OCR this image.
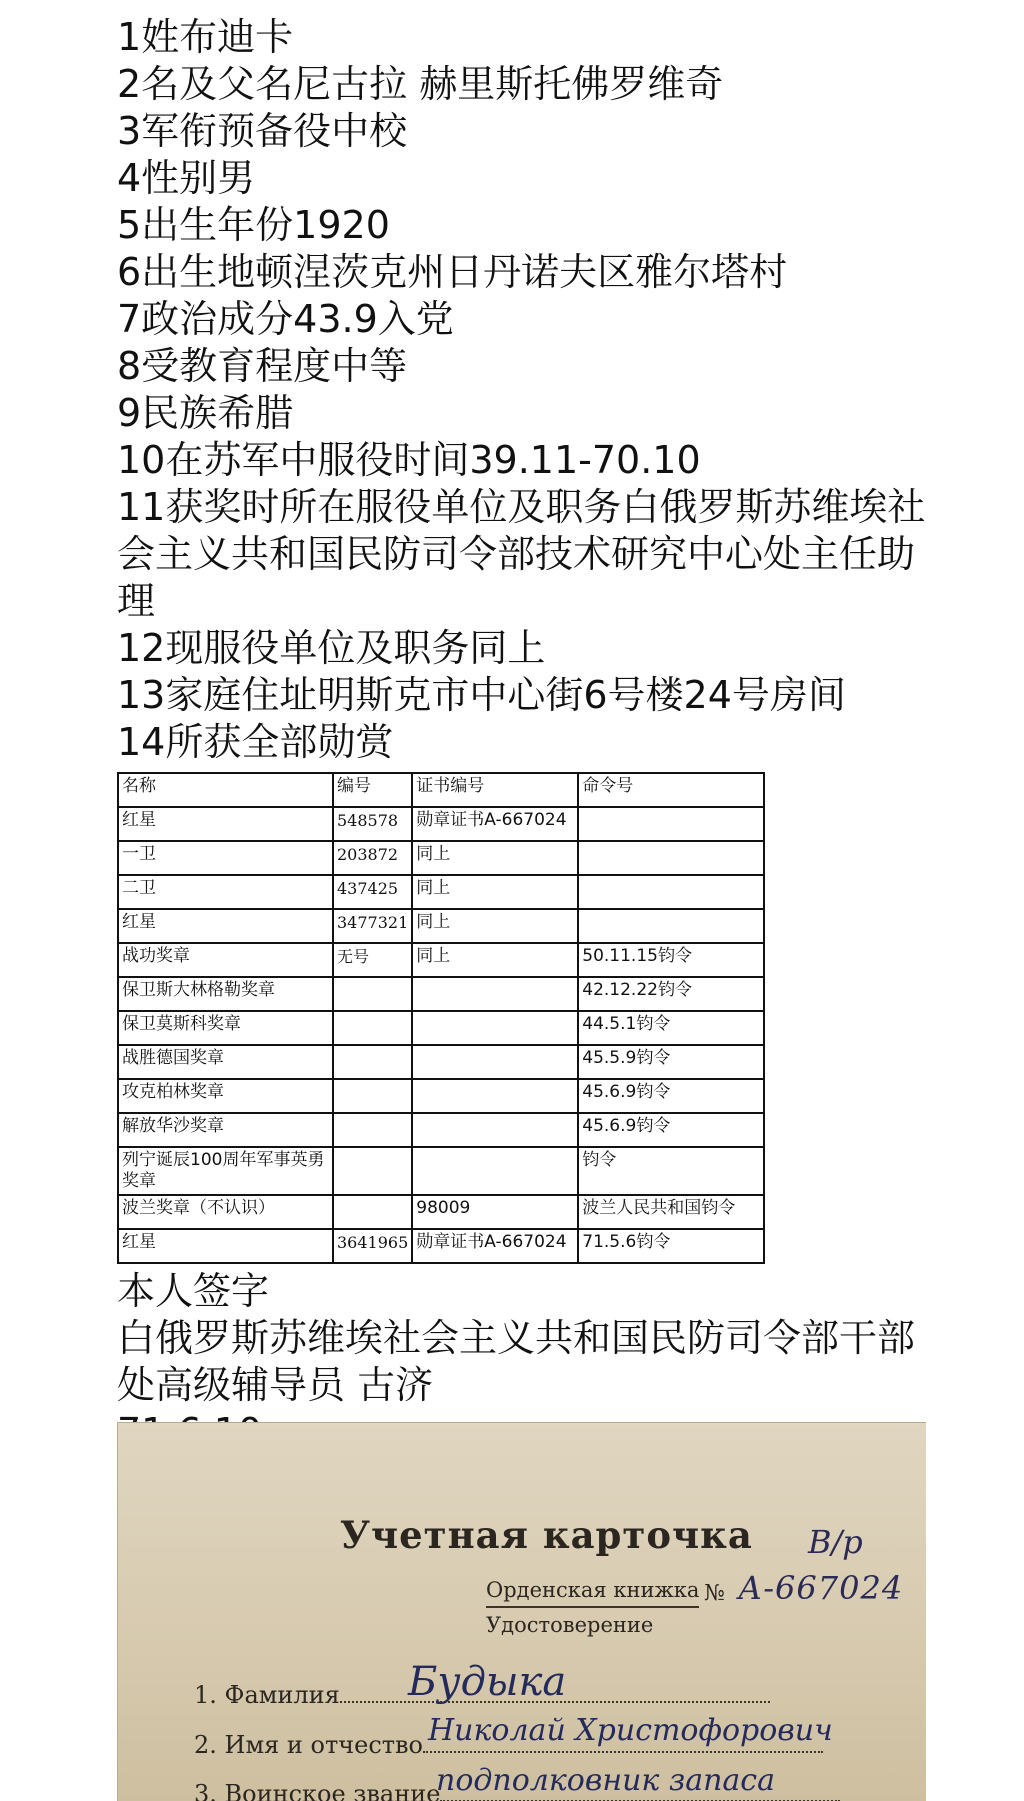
1姓布迪卡
2名及父名尼古拉 赫里斯托佛罗维奇
3军衔预备役中校
4性别男
5出生年份1920
6出生地顿涅茨克州日丹诺夫区雅尔塔村
7政治成分43.9入党
8受教育程度中等
9民族希腊
10在苏军中服役时间39.11-70.10
11获奖时所在服役单位及职务白俄罗斯苏维埃社会主义共和国民防司令部技术研究中心处主任助理
12现服役单位及职务同上
13家庭住址明斯克市中心街6号楼24号房间
14所获全部勋赏
名称	编号	证书编号	命令号
红星	548578	勋章证书A-667024	
一卫	203872	同上	
二卫	437425	同上	
红星	3477321	同上	
战功奖章	无号	同上	50.11.15钧令
保卫斯大林格勒奖章			42.12.22钧令
保卫莫斯科奖章			44.5.1钧令
战胜德国奖章			45.5.9钧令
攻克柏林奖章			45.6.9钧令
解放华沙奖章			45.6.9钧令
列宁诞辰100周年军事英勇奖章			钧令
波兰奖章（不认识）		98009	波兰人民共和国钧令
红星	3641965	勋章证书A-667024	71.5.6钧令
本人签字
白俄罗斯苏维埃社会主义共和国民防司令部干部处高级辅导员 古济
Учетная карточка В/р
Орденская книжка № А-667024
Удостоверение
1. Фамилия	Будыка
2. Имя и отчество Николай Христофорович
3. Воинское звание
подполковник запаса
